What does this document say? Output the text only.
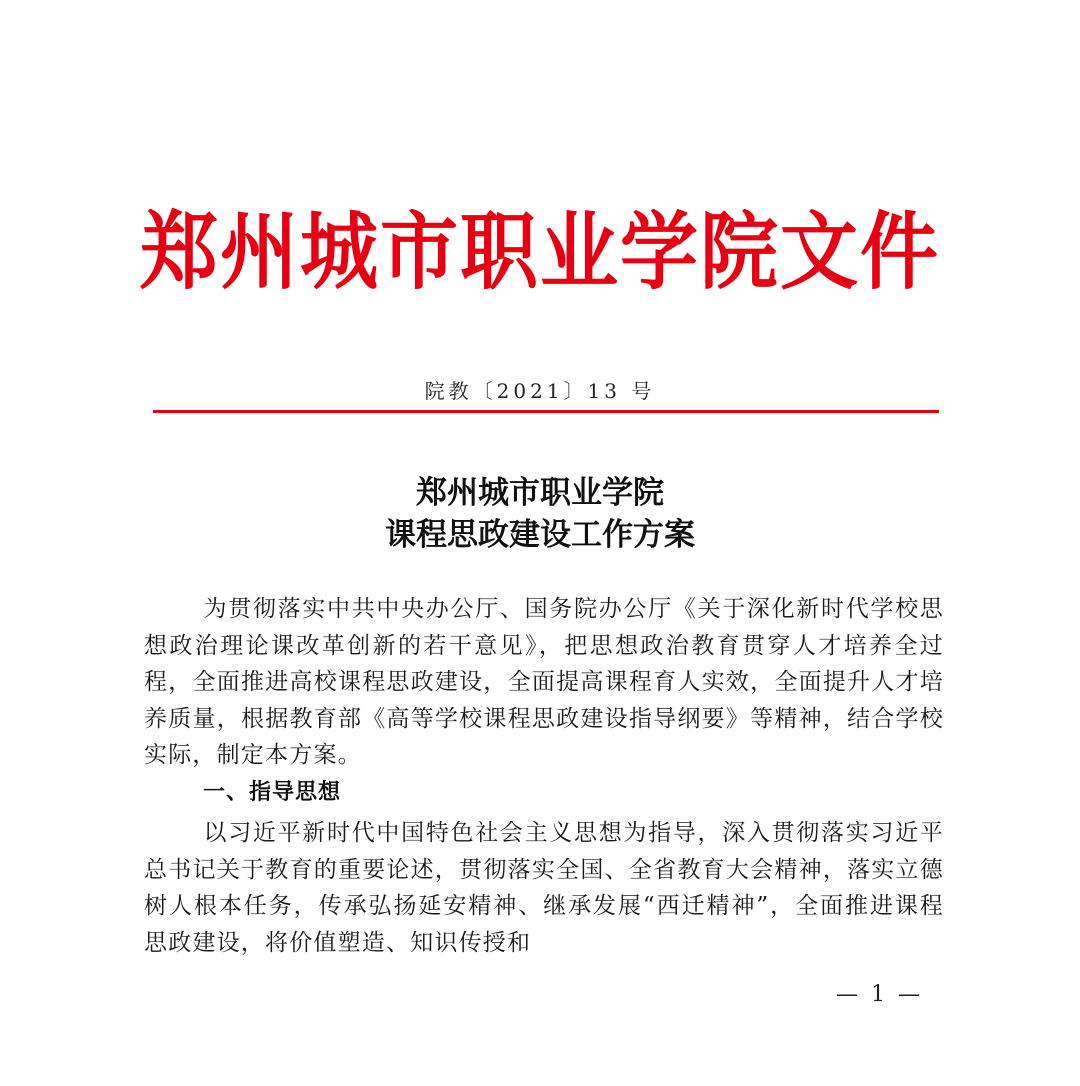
郑州城市职业学院文件
院教〔2021〕13 号
郑州城市职业学院
课程思政建设工作方案

为贯彻落实中共中央办公厅、国务院办公厅《关于深化新时代学校思想政治理论课改革创新的若干意见》，把思想政治教育贯穿人才培养全过程，全面推进高校课程思政建设，全面提高课程育人实效，全面提升人才培养质量，根据教育部《高等学校课程思政建设指导纲要》等精神，结合学校实际，制定本方案。

一、指导思想

以习近平新时代中国特色社会主义思想为指导，深入贯彻落实习近平总书记关于教育的重要论述，贯彻落实全国、全省教育大会精神，落实立德树人根本任务，传承弘扬延安精神、继承发展“西迁精神”，全面推进课程思政建设，将价值塑造、知识传授和

— 1 —
